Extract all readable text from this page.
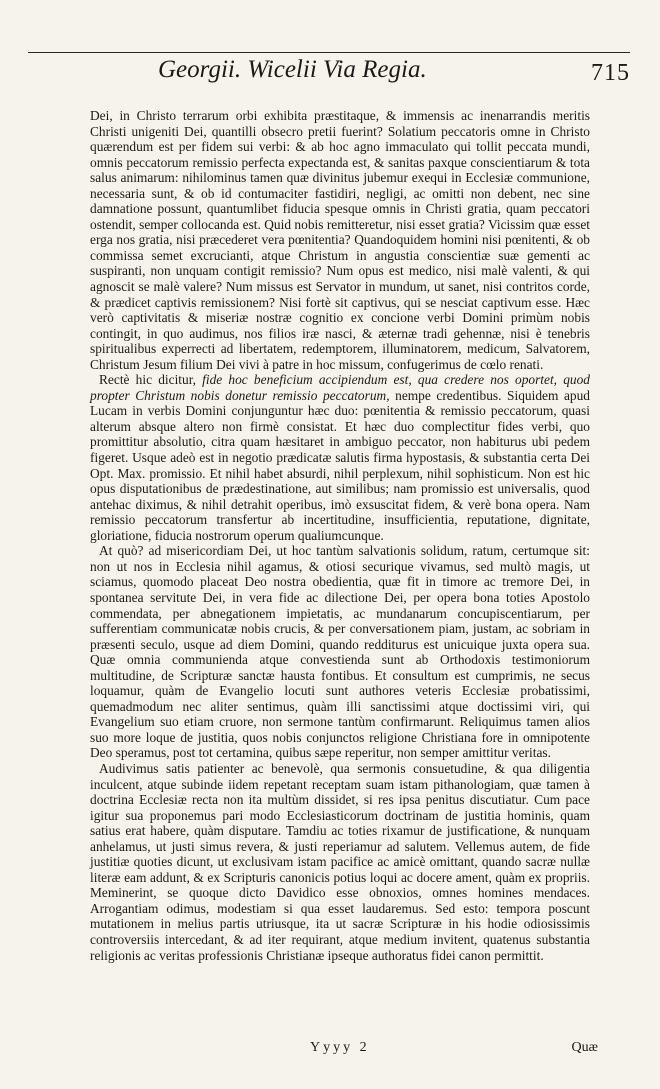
Georgii. Wicelii Via Regia.	715

Dei, in Christo terrarum orbi exhibita præstitaque, & immensis ac inenarrandis meritis Christi unigeniti Dei, quantilli obsecro pretii fuerint? Solatium peccatoris omne in Christo quærendum est per fidem sui verbi: & ab hoc agno immaculato qui tollit peccata mundi, omnis peccatorum remissio perfecta expectanda est, & sanitas paxque conscientiarum & tota salus animarum: nihilominus tamen quæ divinitus jubemur exequi in Ecclesiæ communione, necessaria sunt, & ob id contumaciter fastidiri, negligi, ac omitti non debent, nec sine damnatione possunt, quantumlibet fiducia spesque omnis in Christi gratia, quam peccatori ostendit, semper collocanda est. Quid nobis remitteretur, nisi esset gratia? Vicissim quæ esset erga nos gratia, nisi præcederet vera pœnitentia? Quandoquidem homini nisi pœnitenti, & ob commissa semet excrucianti, atque Christum in angustia conscientiæ suæ gementi ac suspiranti, non unquam contigit remissio? Num opus est medico, nisi malè valenti, & qui agnoscit se malè valere? Num missus est Servator in mundum, ut sanet, nisi contritos corde, & prædicet captivis remissionem? Nisi fortè sit captivus, qui se nesciat captivum esse. Hæc verò captivitatis & miseriæ nostræ cognitio ex concione verbi Domini primùm nobis contingit, in quo audimus, nos filios iræ nasci, & æternæ tradi gehennæ, nisi è tenebris spiritualibus experrecti ad libertatem, redemptorem, illuminatorem, medicum, Salvatorem, Christum Jesum filium Dei vivi à patre in hoc missum, confugerimus de cœlo renati.

Rectè hic dicitur, fide hoc beneficium accipiendum est, qua credere nos oportet, quod propter Christum nobis donetur remissio peccatorum, nempe credentibus. Siquidem apud Lucam in verbis Domini conjunguntur hæc duo: pœnitentia & remissio peccatorum, quasi alterum absque altero non firmè consistat. Et hæc duo complectitur fides verbi, quo promittitur absolutio, citra quam hæsitaret in ambiguo peccator, non habiturus ubi pedem figeret. Usque adeò est in negotio prædicatæ salutis firma hypostasis, & substantia certa Dei Opt. Max. promissio. Et nihil habet absurdi, nihil perplexum, nihil sophisticum. Non est hic opus disputationibus de prædestinatione, aut similibus; nam promissio est universalis, quod antehac diximus, & nihil detrahit operibus, imò exsuscitat fidem, & verè bona opera. Nam remissio peccatorum transfertur ab incertitudine, insufficientia, reputatione, dignitate, gloriatione, fiducia nostrorum operum qualiumcunque.

At quò? ad misericordiam Dei, ut hoc tantùm salvationis solidum, ratum, certumque sit: non ut nos in Ecclesia nihil agamus, & otiosi securique vivamus, sed multò magis, ut sciamus, quomodo placeat Deo nostra obedientia, quæ fit in timore ac tremore Dei, in spontanea servitute Dei, in vera fide ac dilectione Dei, per opera bona toties Apostolo commendata, per abnegationem impietatis, ac mundanarum concupiscentiarum, per sufferentiam communicatæ nobis crucis, & per conversationem piam, justam, ac sobriam in præsenti seculo, usque ad diem Domini, quando redditurus est unicuique juxta opera sua. Quæ omnia communienda atque convestienda sunt ab Orthodoxis testimoniorum multitudine, de Scripturæ sanctæ hausta fontibus. Et consultum est cumprimis, ne secus loquamur, quàm de Evangelio locuti sunt authores veteris Ecclesiæ probatissimi, quemadmodum nec aliter sentimus, quàm illi sanctissimi atque doctissimi viri, qui Evangelium suo etiam cruore, non sermone tantùm confirmarunt. Reliquimus tamen alios suo more loque de justitia, quos nobis conjunctos religione Christiana fore in omnipotente Deo speramus, post tot certamina, quibus sæpe reperitur, non semper amittitur veritas.

Audivimus satis patienter ac benevolè, qua sermonis consuetudine, & qua diligentia inculcent, atque subinde iidem repetant receptam suam istam pithanologiam, quæ tamen à doctrina Ecclesiæ recta non ita multùm dissidet, si res ipsa penitus discutiatur. Cum pace igitur sua proponemus pari modo Ecclesiasticorum doctrinam de justitia hominis, quam satius erat habere, quàm disputare. Tamdiu ac toties rixamur de justificatione, & nunquam anhelamus, ut justi simus revera, & justi reperiamur ad salutem. Vellemus autem, de fide justitiæ quoties dicunt, ut exclusivam istam pacifice ac amicè omittant, quando sacræ nullæ literæ eam addunt, & ex Scripturis canonicis potius loqui ac docere ament, quàm ex propriis. Meminerint, se quoque dicto Davidico esse obnoxios, omnes homines mendaces. Arrogantiam odimus, modestiam si qua esset laudaremus. Sed esto: tempora poscunt mutationem in melius partis utriusque, ita ut sacræ Scripturæ in his hodie odiosissimis controversiis intercedant, & ad iter requirant, atque medium invitent, quatenus substantia religionis ac veritas professionis Christianæ ipseque authoratus fidei canon permittit.

Yyyy 2	Quæ
